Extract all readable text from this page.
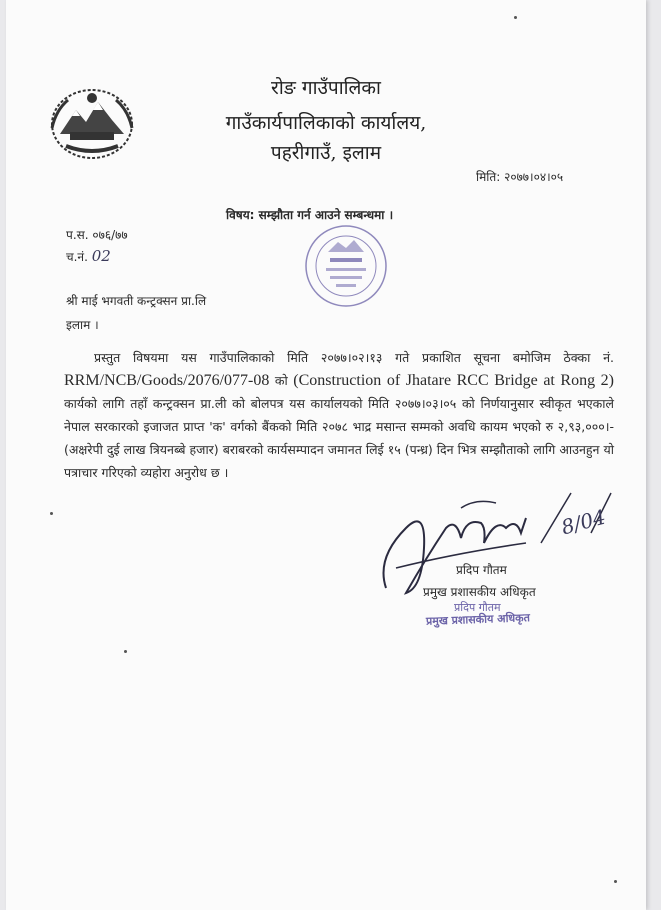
रोङ गाउँपालिका
गाउँकार्यपालिकाको कार्यालय,
पहरीगाउँ, इलाम
मिति: २०७७।०४।०५
विषय: सम्झौता गर्न आउने सम्बन्धमा ।
प.स. ०७६/७७
च.नं. 02
श्री माई भगवती कन्ट्रक्सन प्रा.लि
इलाम ।
प्रस्तुत विषयमा यस गाउँपालिकाको मिति २०७७।०२।१३ गते प्रकाशित सूचना बमोजिम ठेक्का नं. RRM/NCB/Goods/2076/077-08 को (Construction of Jhatare RCC Bridge at Rong 2) कार्यको लागि तहाँ कन्ट्रक्सन प्रा.ली को बोलपत्र यस कार्यालयको मिति २०७७।०३।०५ को निर्णयानुसार स्वीकृत भएकाले नेपाल सरकारको इजाजत प्राप्त 'क' वर्गको बैंकको मिति २०७८ भाद्र मसान्त सम्मको अवधि कायम भएको रु २,९३,०००।- (अक्षरेपी दुई लाख त्रियनब्बे हजार) बराबरको कार्यसम्पादन जमानत लिई १५ (पन्ध्र) दिन भित्र सम्झौताको लागि आउनहुन यो पत्राचार गरिएको व्यहोरा अनुरोध छ ।
8/04
प्रदिप गौतम
प्रमुख प्रशासकीय अधिकृत
प्रदिप गौतम
प्रमुख प्रशासकीय अधिकृत
